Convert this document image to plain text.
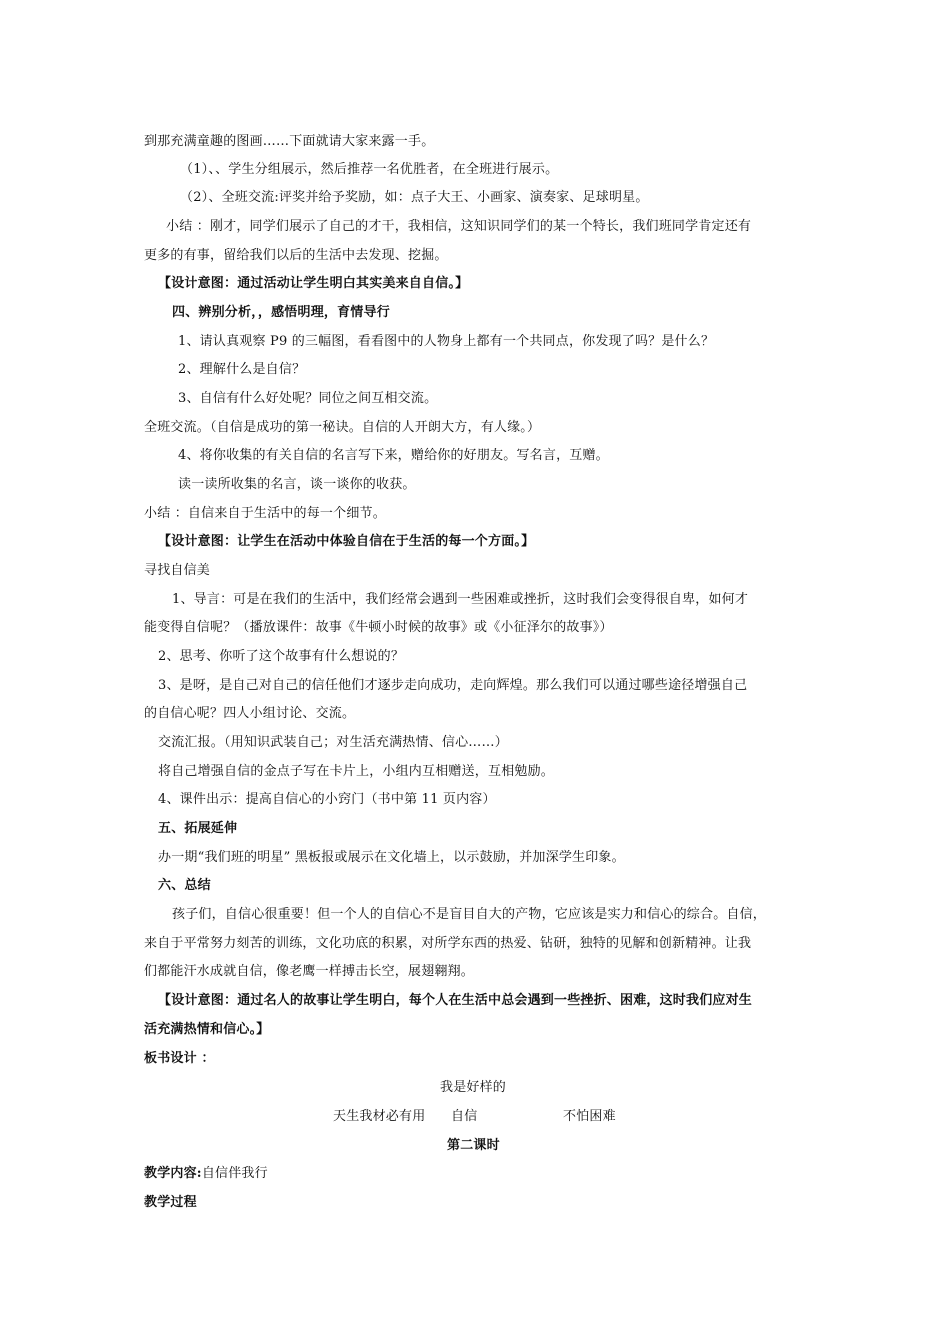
到那充满童趣的图画……下面就请大家来露一手。
（1）、、学生分组展示，然后推荐一名优胜者，在全班进行展示。
（2）、全班交流:评奖并给予奖励，如：点子大王、小画家、演奏家、足球明星。
小结 ：刚才，同学们展示了自己的才干，我相信，这知识同学们的某一个特长，我们班同学肯定还有
更多的有事，留给我们以后的生活中去发现、挖掘。
【设计意图：通过活动让学生明白其实美来自自信。】
四、辨别分析，，感悟明理，育情导行
1、请认真观察 P9 的三幅图，看看图中的人物身上都有一个共同点，你发现了吗？是什么？
2、理解什么是自信？
3、自信有什么好处呢？同位之间互相交流。
全班交流。（自信是成功的第一秘诀。自信的人开朗大方，有人缘。）
4、将你收集的有关自信的名言写下来，赠给你的好朋友。写名言，互赠。
读一读所收集的名言，谈一谈你的收获。
小结 ：自信来自于生活中的每一个细节。
【设计意图：让学生在活动中体验自信在于生活的每一个方面。】
寻找自信美
1、导言：可是在我们的生活中，我们经常会遇到一些困难或挫折，这时我们会变得很自卑，如何才
能变得自信呢？（播放课件：故事《牛顿小时候的故事》或《小征泽尔的故事》）
2、思考、你听了这个故事有什么想说的？
3、是呀，是自己对自己的信任他们才逐步走向成功，走向辉煌。那么我们可以通过哪些途径增强自己
的自信心呢？四人小组讨论、交流。
交流汇报。（用知识武装自己；对生活充满热情、信心……）
将自己增强自信的金点子写在卡片上，小组内互相赠送，互相勉励。
4、课件出示：提高自信心的小窍门（书中第 11 页内容）
五、拓展延伸
办一期“我们班的明星” 黑板报或展示在文化墙上，以示鼓励，并加深学生印象。
六、总结
孩子们，自信心很重要！但一个人的自信心不是盲目自大的产物，它应该是实力和信心的综合。自信，
来自于平常努力刻苦的训练，文化功底的积累，对所学东西的热爱、钻研，独特的见解和创新精神。让我
们都能汗水成就自信，像老鹰一样搏击长空，展翅翱翔。
【设计意图：通过名人的故事让学生明白，每个人在生活中总会遇到一些挫折、困难，这时我们应对生
活充满热情和信心。】
板书设计 ：
我是好样的
天生我材必有用 自信	不怕困难
第二课时
教学内容:自信伴我行
教学过程
